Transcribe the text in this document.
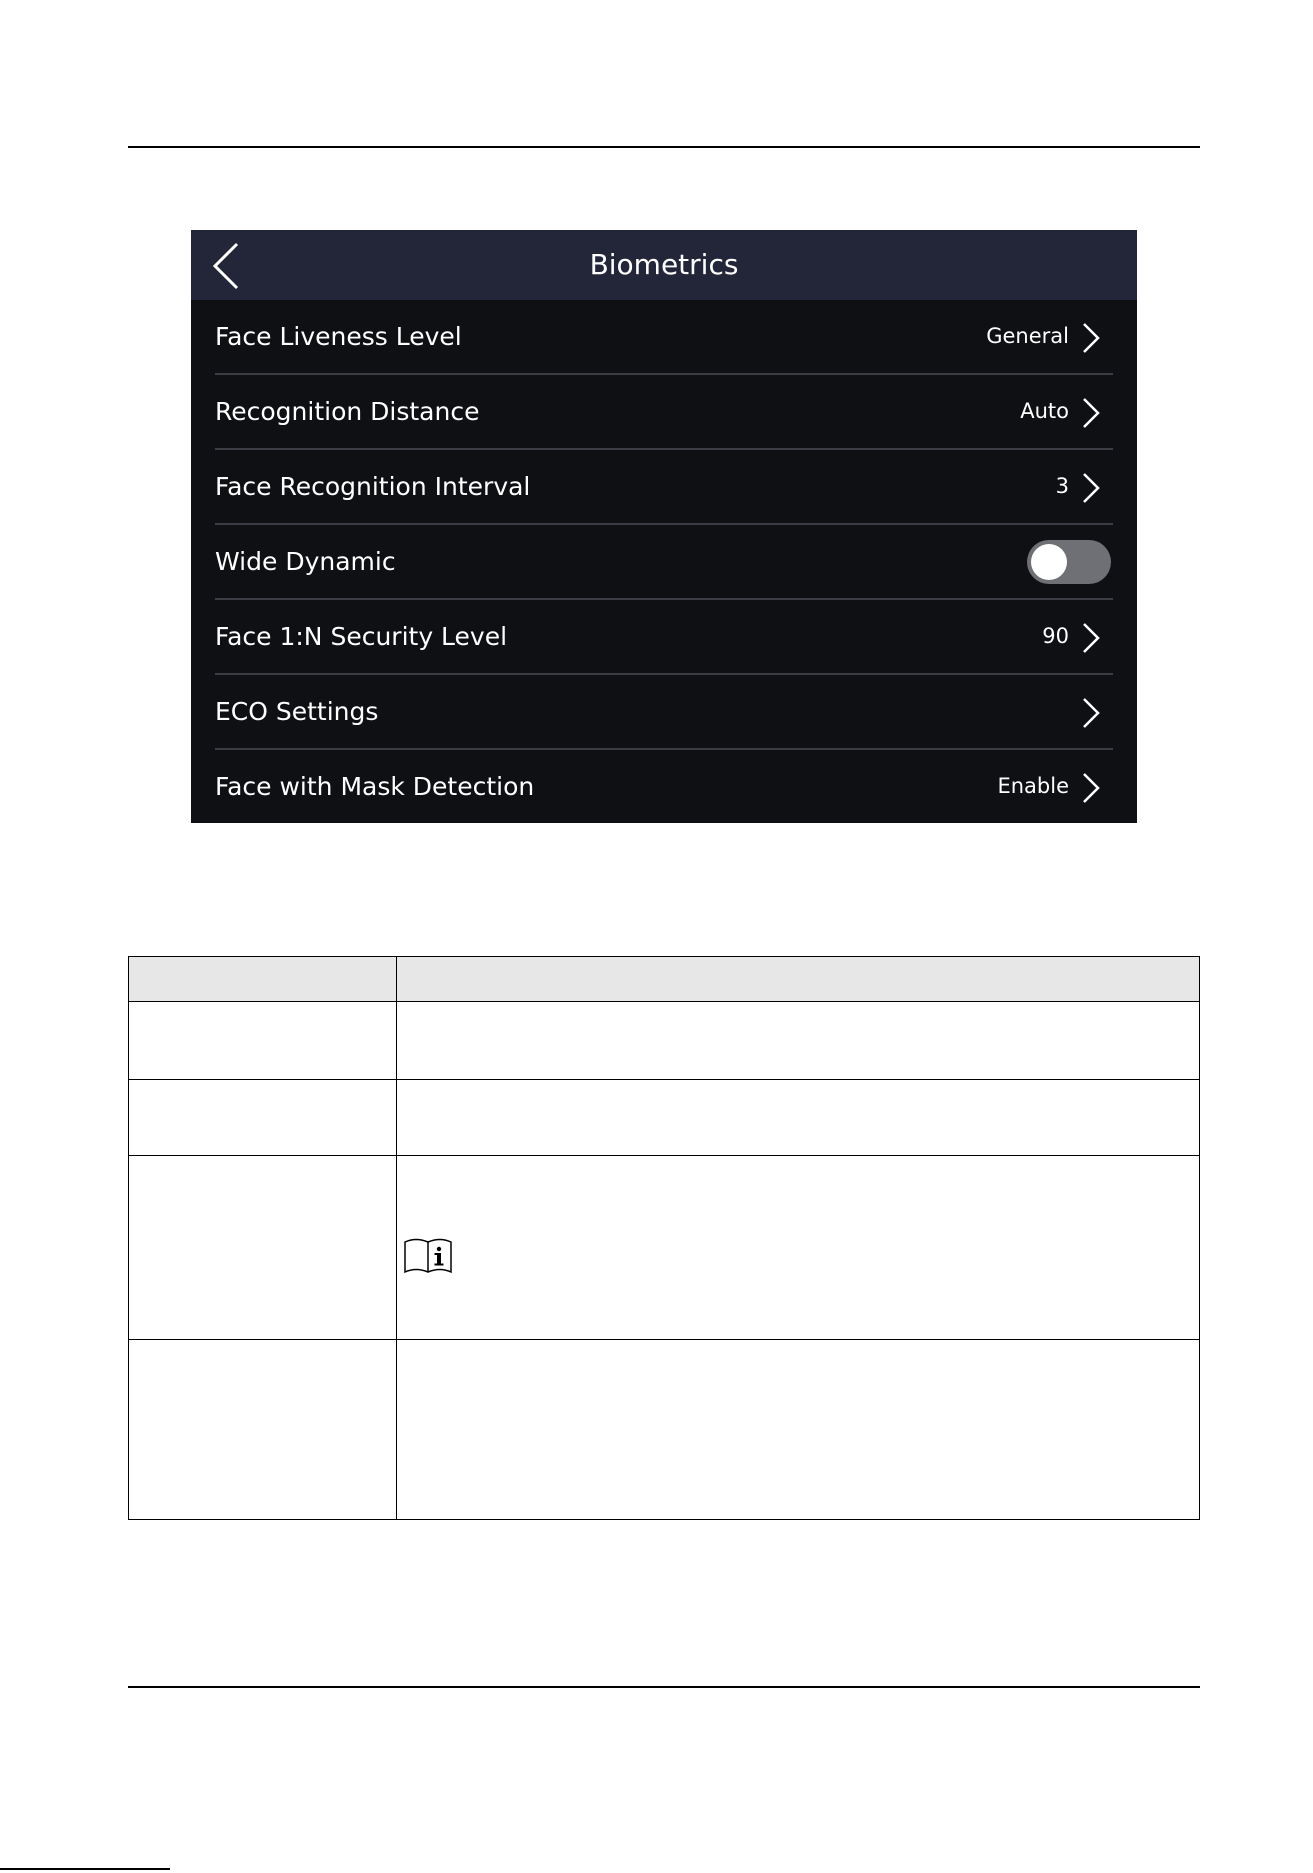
Biometrics
Face Liveness Level	General
Recognition Distance	Auto
Face Recognition Interval	3
Wide Dynamic
Face 1:N Security Level	90
ECO Settings
Face with Mask Detection	Enable
